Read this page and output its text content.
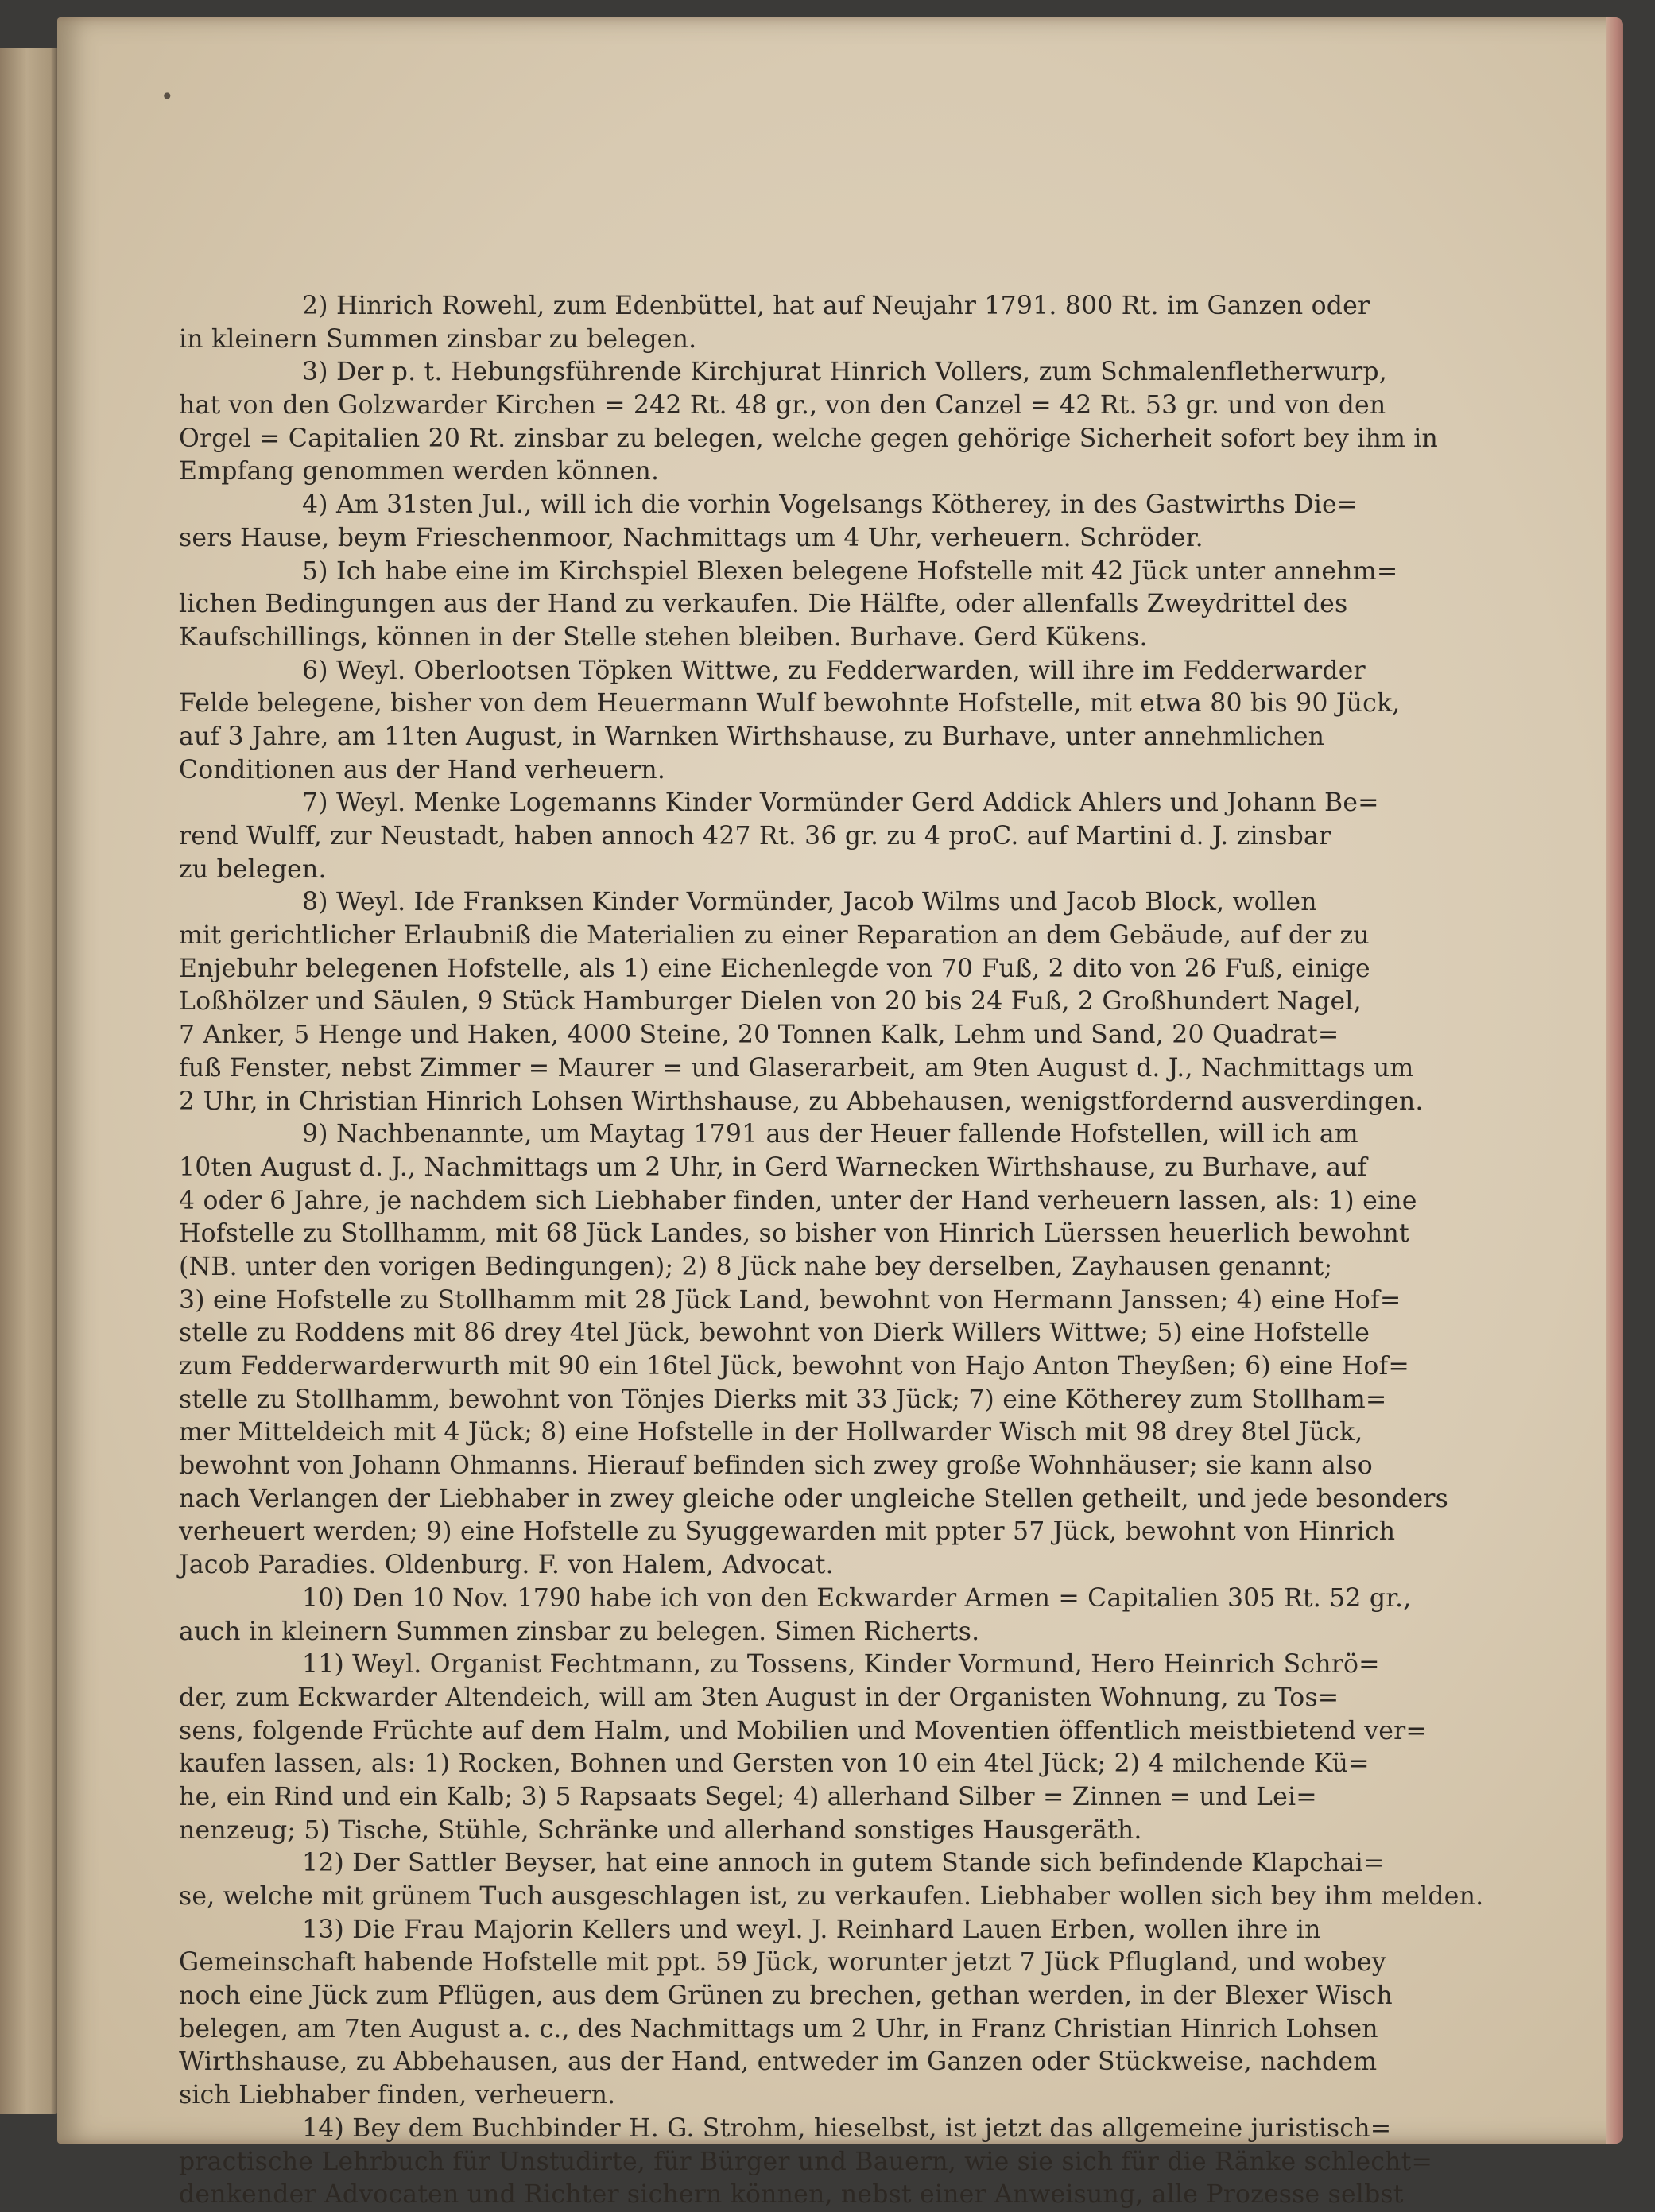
•
2) Hinrich Rowehl, zum Edenbüttel, hat auf Neujahr 1791. 800 Rt. im Ganzen oder
in kleinern Summen zinsbar zu belegen.
3) Der p. t. Hebungsführende Kirchjurat Hinrich Vollers, zum Schmalenfletherwurp,
hat von den Golzwarder Kirchen = 242 Rt. 48 gr., von den Canzel = 42 Rt. 53 gr. und von den
Orgel = Capitalien 20 Rt. zinsbar zu belegen, welche gegen gehörige Sicherheit sofort bey ihm in
Empfang genommen werden können.
4) Am 31sten Jul., will ich die vorhin Vogelsangs Kötherey, in des Gastwirths Die=
sers Hause, beym Frieschenmoor, Nachmittags um 4 Uhr, verheuern. Schröder.
5) Ich habe eine im Kirchspiel Blexen belegene Hofstelle mit 42 Jück unter annehm=
lichen Bedingungen aus der Hand zu verkaufen. Die Hälfte, oder allenfalls Zweydrittel des
Kaufschillings, können in der Stelle stehen bleiben. Burhave. Gerd Kükens.
6) Weyl. Oberlootsen Töpken Wittwe, zu Fedderwarden, will ihre im Fedderwarder
Felde belegene, bisher von dem Heuermann Wulf bewohnte Hofstelle, mit etwa 80 bis 90 Jück,
auf 3 Jahre, am 11ten August, in Warnken Wirthshause, zu Burhave, unter annehmlichen
Conditionen aus der Hand verheuern.
7) Weyl. Menke Logemanns Kinder Vormünder Gerd Addick Ahlers und Johann Be=
rend Wulff, zur Neustadt, haben annoch 427 Rt. 36 gr. zu 4 proC. auf Martini d. J. zinsbar
zu belegen.
8) Weyl. Ide Franksen Kinder Vormünder, Jacob Wilms und Jacob Block, wollen
mit gerichtlicher Erlaubniß die Materialien zu einer Reparation an dem Gebäude, auf der zu
Enjebuhr belegenen Hofstelle, als 1) eine Eichenlegde von 70 Fuß, 2 dito von 26 Fuß, einige
Loßhölzer und Säulen, 9 Stück Hamburger Dielen von 20 bis 24 Fuß, 2 Großhundert Nagel,
7 Anker, 5 Henge und Haken, 4000 Steine, 20 Tonnen Kalk, Lehm und Sand, 20 Quadrat=
fuß Fenster, nebst Zimmer = Maurer = und Glaserarbeit, am 9ten August d. J., Nachmittags um
2 Uhr, in Christian Hinrich Lohsen Wirthshause, zu Abbehausen, wenigstfordernd ausverdingen.
9) Nachbenannte, um Maytag 1791 aus der Heuer fallende Hofstellen, will ich am
10ten August d. J., Nachmittags um 2 Uhr, in Gerd Warnecken Wirthshause, zu Burhave, auf
4 oder 6 Jahre, je nachdem sich Liebhaber finden, unter der Hand verheuern lassen, als: 1) eine
Hofstelle zu Stollhamm, mit 68 Jück Landes, so bisher von Hinrich Lüerssen heuerlich bewohnt
(NB. unter den vorigen Bedingungen); 2) 8 Jück nahe bey derselben, Zayhausen genannt;
3) eine Hofstelle zu Stollhamm mit 28 Jück Land, bewohnt von Hermann Janssen; 4) eine Hof=
stelle zu Roddens mit 86 drey 4tel Jück, bewohnt von Dierk Willers Wittwe; 5) eine Hofstelle
zum Fedderwarderwurth mit 90 ein 16tel Jück, bewohnt von Hajo Anton Theyßen; 6) eine Hof=
stelle zu Stollhamm, bewohnt von Tönjes Dierks mit 33 Jück; 7) eine Kötherey zum Stollham=
mer Mitteldeich mit 4 Jück; 8) eine Hofstelle in der Hollwarder Wisch mit 98 drey 8tel Jück,
bewohnt von Johann Ohmanns. Hierauf befinden sich zwey große Wohnhäuser; sie kann also
nach Verlangen der Liebhaber in zwey gleiche oder ungleiche Stellen getheilt, und jede besonders
verheuert werden; 9) eine Hofstelle zu Syuggewarden mit ppter 57 Jück, bewohnt von Hinrich
Jacob Paradies. Oldenburg. F. von Halem, Advocat.
10) Den 10 Nov. 1790 habe ich von den Eckwarder Armen = Capitalien 305 Rt. 52 gr.,
auch in kleinern Summen zinsbar zu belegen. Simen Richerts.
11) Weyl. Organist Fechtmann, zu Tossens, Kinder Vormund, Hero Heinrich Schrö=
der, zum Eckwarder Altendeich, will am 3ten August in der Organisten Wohnung, zu Tos=
sens, folgende Früchte auf dem Halm, und Mobilien und Moventien öffentlich meistbietend ver=
kaufen lassen, als: 1) Rocken, Bohnen und Gersten von 10 ein 4tel Jück; 2) 4 milchende Kü=
he, ein Rind und ein Kalb; 3) 5 Rapsaats Segel; 4) allerhand Silber = Zinnen = und Lei=
nenzeug; 5) Tische, Stühle, Schränke und allerhand sonstiges Hausgeräth.
12) Der Sattler Beyser, hat eine annoch in gutem Stande sich befindende Klapchai=
se, welche mit grünem Tuch ausgeschlagen ist, zu verkaufen. Liebhaber wollen sich bey ihm melden.
13) Die Frau Majorin Kellers und weyl. J. Reinhard Lauen Erben, wollen ihre in
Gemeinschaft habende Hofstelle mit ppt. 59 Jück, worunter jetzt 7 Jück Pflugland, und wobey
noch eine Jück zum Pflügen, aus dem Grünen zu brechen, gethan werden, in der Blexer Wisch
belegen, am 7ten August a. c., des Nachmittags um 2 Uhr, in Franz Christian Hinrich Lohsen
Wirthshause, zu Abbehausen, aus der Hand, entweder im Ganzen oder Stückweise, nachdem
sich Liebhaber finden, verheuern.
14) Bey dem Buchbinder H. G. Strohm, hieselbst, ist jetzt das allgemeine juristisch=
practische Lehrbuch für Unstudirte, für Bürger und Bauern, wie sie sich für die Ränke schlecht=
denkender Advocaten und Richter sichern können, nebst einer Anweisung, alle Prozesse selbst
